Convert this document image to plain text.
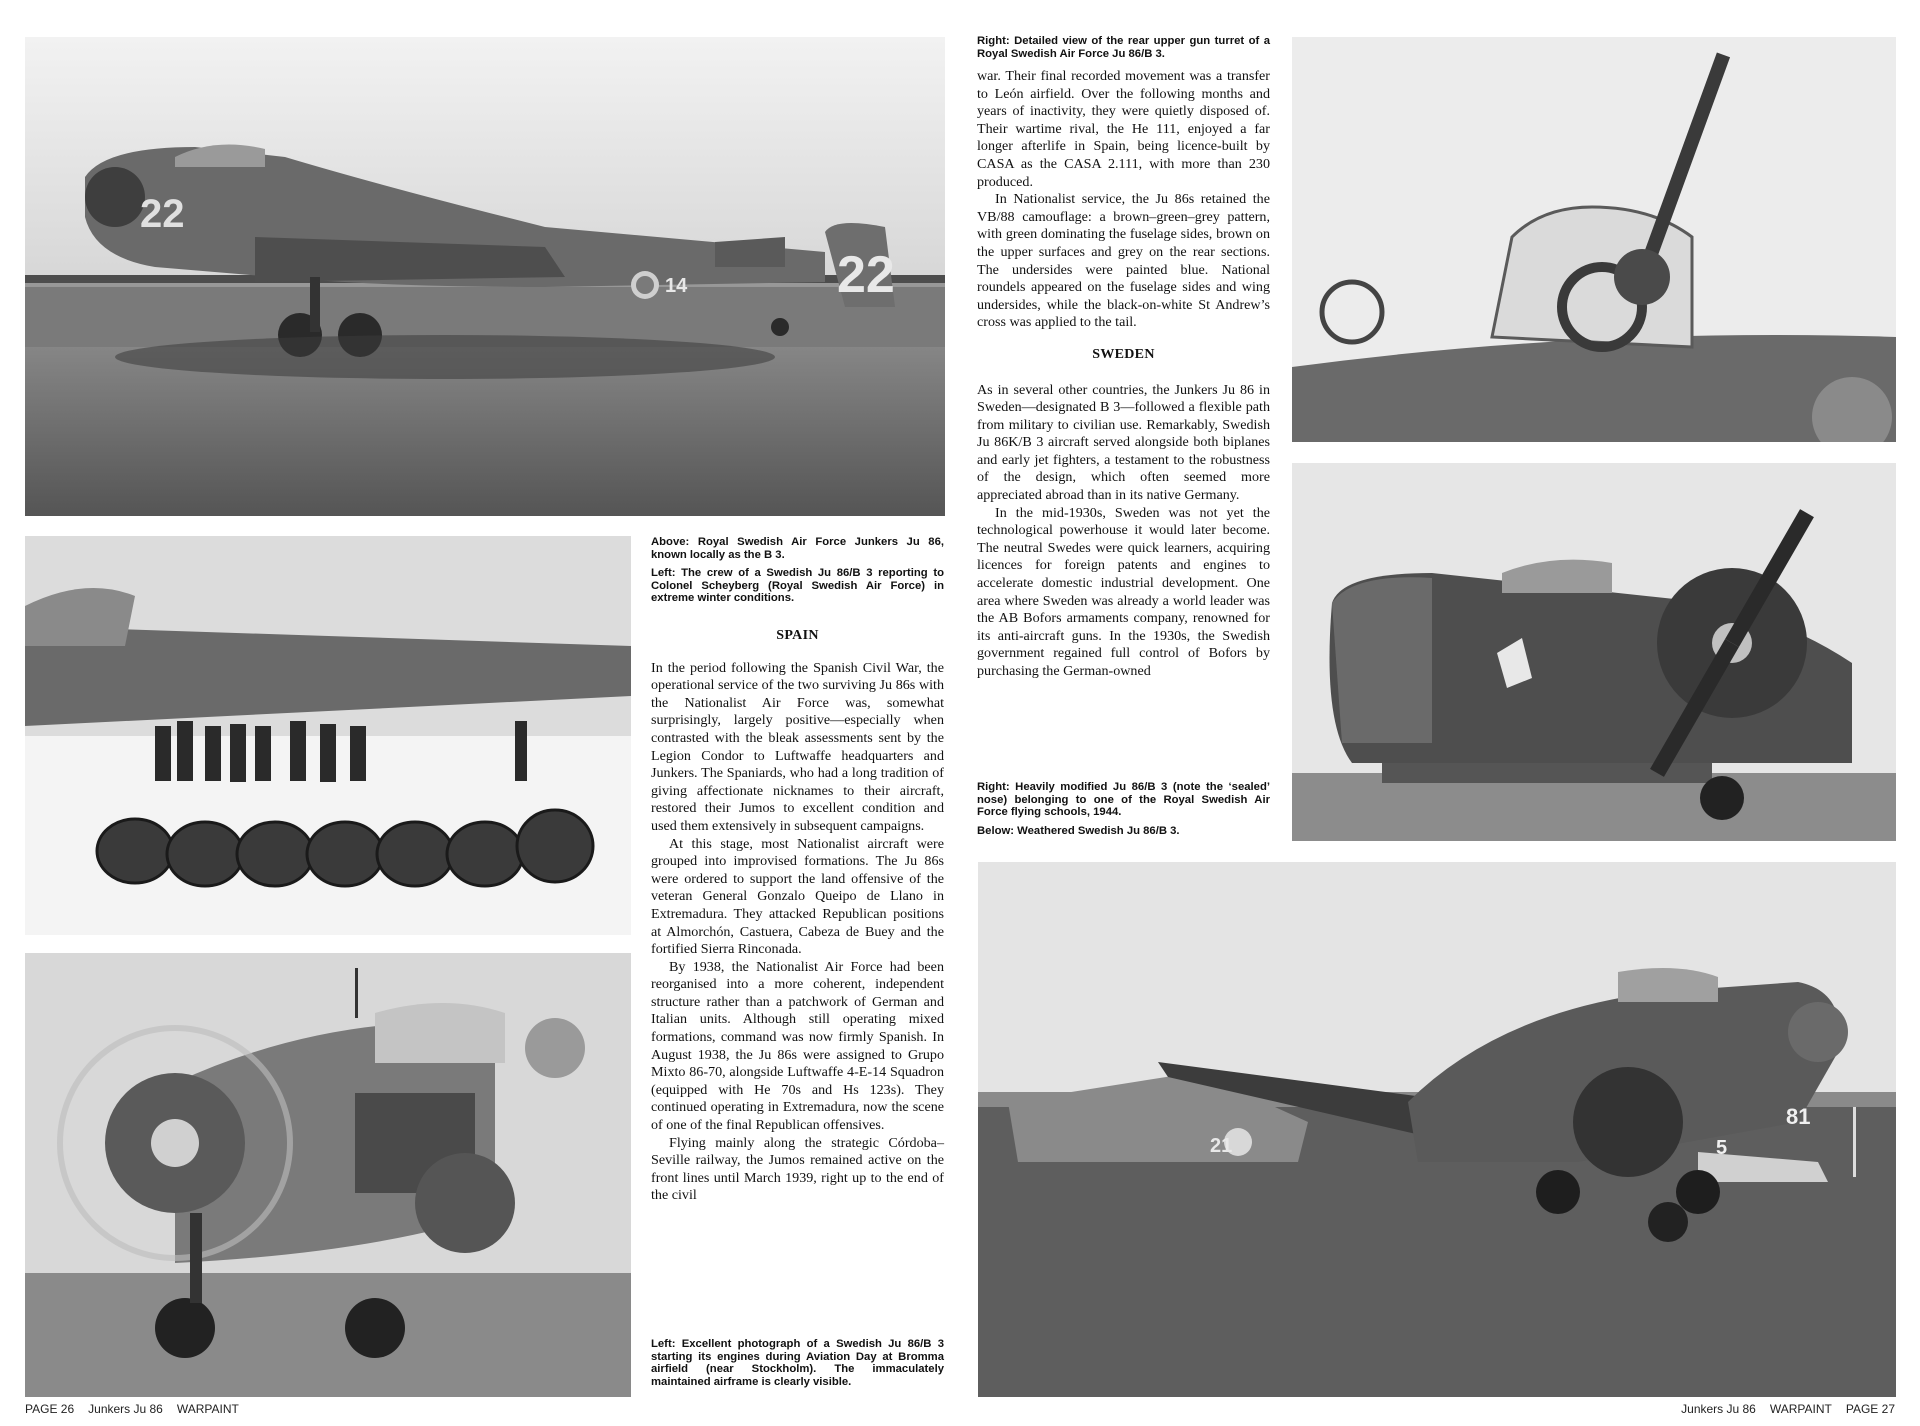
14	22
22

Above: Royal Swedish Air Force Junkers Ju 86, known locally as the B 3.

Left: The crew of a Swedish Ju 86/B 3 reporting to Colonel Scheyberg (Royal Swedish Air Force) in extreme winter conditions.

SPAIN

In the period following the Spanish Civil War, the operational service of the two surviving Ju 86s with the Nationalist Air Force was, somewhat surprisingly, largely positive—especially when contrasted with the bleak assessments sent by the Legion Condor to Luftwaffe headquarters and Junkers. The Spaniards, who had a long tradition of giving affectionate nicknames to their aircraft, restored their Jumos to excellent condition and used them extensively in subsequent campaigns.

At this stage, most Nationalist aircraft were grouped into improvised formations. The Ju 86s were ordered to support the land offensive of the veteran General Gonzalo Queipo de Llano in Extremadura. They attacked Republican positions at Almorchón, Castuera, Cabeza de Buey and the fortified Sierra Rinconada.

By 1938, the Nationalist Air Force had been reorganised into a more coherent, independent structure rather than a patchwork of German and Italian units. Although still operating mixed formations, command was now firmly Spanish. In August 1938, the Ju 86s were assigned to Grupo Mixto 86-70, alongside Luftwaffe 4-E-14 Squadron (equipped with He 70s and Hs 123s). They continued operating in Extremadura, now the scene of one of the final Republican offensives.

Flying mainly along the strategic Córdoba–Seville railway, the Jumos remained active on the front lines until March 1939, right up to the end of the civil

Left: Excellent photograph of a Swedish Ju 86/B 3 starting its engines during Aviation Day at Bromma airfield (near Stockholm). The immaculately maintained airframe is clearly visible.
PAGE 26 Junkers Ju 86 WARPAINT
Right: Detailed view of the rear upper gun turret of a Royal Swedish Air Force Ju 86/B 3.

war. Their final recorded movement was a transfer to León airfield. Over the following months and years of inactivity, they were quietly disposed of. Their wartime rival, the He 111, enjoyed a far longer afterlife in Spain, being licence-built by CASA as the CASA 2.111, with more than 230 produced.

In Nationalist service, the Ju 86s retained the VB/88 camouflage: a brown–green–grey pattern, with green dominating the fuselage sides, brown on the upper surfaces and grey on the rear sections. The undersides were painted blue. National roundels appeared on the fuselage sides and wing undersides, while the black-on-white St Andrew’s cross was applied to the tail.

SWEDEN

As in several other countries, the Junkers Ju 86 in Sweden—designated B 3—followed a flexible path from military to civilian use. Remarkably, Swedish Ju 86K/B 3 aircraft served alongside both biplanes and early jet fighters, a testament to the robustness of the design, which often seemed more appreciated abroad than in its native Germany.

In the mid-1930s, Sweden was not yet the technological powerhouse it would later become. The neutral Swedes were quick learners, acquiring licences for foreign patents and engines to accelerate domestic industrial development. One area where Sweden was already a world leader was the AB Bofors armaments company, renowned for its anti-aircraft guns. In the 1930s, the Swedish government regained full control of Bofors by purchasing the German-owned

Right: Heavily modified Ju 86/B 3 (note the ‘sealed’ nose) belonging to one of the Royal Swedish Air Force flying schools, 1944.

Below: Weathered Swedish Ju 86/B 3.

21
81
5
Junkers Ju 86 WARPAINT PAGE 27
